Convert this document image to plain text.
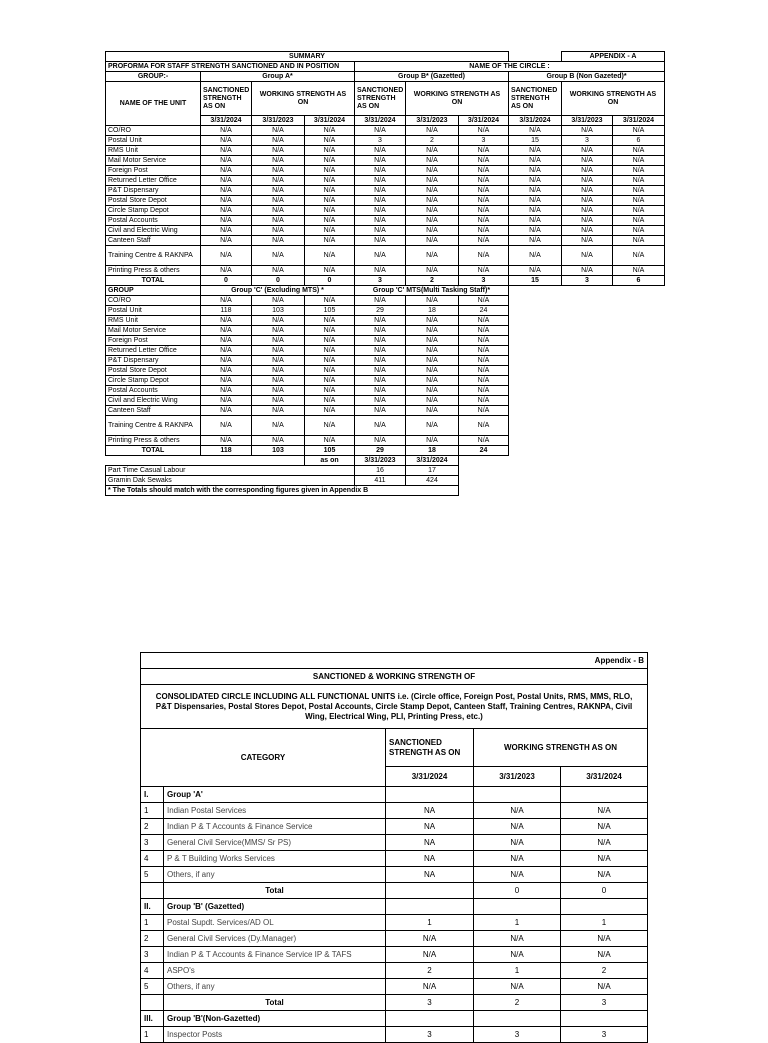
SUMMARY								APPENDIX - A	
PROFORMA FOR STAFF STRENGTH SANCTIONED AND IN POSITION				NAME OF THE CIRCLE :					
GROUP:-	Group A*			Group B* (Gazetted)			Group B (Non Gazeted)*		
NAME OF THE UNIT	SANCTIONED STRENGTH AS ON	WORKING STRENGTH AS ON		SANCTIONED STRENGTH AS ON	WORKING STRENGTH AS ON		SANCTIONED STRENGTH AS ON	WORKING STRENGTH AS ON	
	3/31/2024	3/31/2023	3/31/2024	3/31/2024	3/31/2023	3/31/2024	3/31/2024	3/31/2023	3/31/2024
CO/RO	N/A	N/A	N/A	N/A	N/A	N/A	N/A	N/A	N/A
Postal Unit	N/A	N/A	N/A	3	2	3	15	3	6
RMS Unit	N/A	N/A	N/A	N/A	N/A	N/A	N/A	N/A	N/A
Mail Motor Service	N/A	N/A	N/A	N/A	N/A	N/A	N/A	N/A	N/A
Foreign Post	N/A	N/A	N/A	N/A	N/A	N/A	N/A	N/A	N/A
Returned Letter Office	N/A	N/A	N/A	N/A	N/A	N/A	N/A	N/A	N/A
P&T Dispensary	N/A	N/A	N/A	N/A	N/A	N/A	N/A	N/A	N/A
Postal Store Depot	N/A	N/A	N/A	N/A	N/A	N/A	N/A	N/A	N/A
Circle Stamp Depot	N/A	N/A	N/A	N/A	N/A	N/A	N/A	N/A	N/A
Postal Accounts	N/A	N/A	N/A	N/A	N/A	N/A	N/A	N/A	N/A
Civil and Electric Wing	N/A	N/A	N/A	N/A	N/A	N/A	N/A	N/A	N/A
Canteen Staff	N/A	N/A	N/A	N/A	N/A	N/A	N/A	N/A	N/A
Training Centre & RAKNPA	N/A	N/A	N/A	N/A	N/A	N/A	N/A	N/A	N/A
Printing Press & others	N/A	N/A	N/A	N/A	N/A	N/A	N/A	N/A	N/A
TOTAL	0	0	0	3	2	3	15	3	6
GROUP	Group 'C' (Excluding MTS) *			Group 'C' MTS(Multi Tasking Staff)*					
CO/RO	N/A	N/A	N/A	N/A	N/A	N/A			
Postal Unit	118	103	105	29	18	24			
RMS Unit	N/A	N/A	N/A	N/A	N/A	N/A			
Mail Motor Service	N/A	N/A	N/A	N/A	N/A	N/A			
Foreign Post	N/A	N/A	N/A	N/A	N/A	N/A			
Returned Letter Office	N/A	N/A	N/A	N/A	N/A	N/A			
P&T Dispensary	N/A	N/A	N/A	N/A	N/A	N/A			
Postal Store Depot	N/A	N/A	N/A	N/A	N/A	N/A			
Circle Stamp Depot	N/A	N/A	N/A	N/A	N/A	N/A			
Postal Accounts	N/A	N/A	N/A	N/A	N/A	N/A			
Civil and Electric Wing	N/A	N/A	N/A	N/A	N/A	N/A			
Canteen Staff	N/A	N/A	N/A	N/A	N/A	N/A			
Training Centre & RAKNPA	N/A	N/A	N/A	N/A	N/A	N/A			
Printing Press & others	N/A	N/A	N/A	N/A	N/A	N/A			
TOTAL	118	103	105	29	18	24			
			as on	3/31/2023	3/31/2024				
Part Time Casual Labour				16	17				
Gramin Dak Sewaks				411	424				
* The Totals should match with the corresponding figures given in Appendix B									
Appendix - B				
SANCTIONED & WORKING STRENGTH OF				
CONSOLIDATED CIRCLE INCLUDING ALL FUNCTIONAL UNITS i.e. (Circle office, Foreign Post, Postal Units, RMS, MMS, RLO, P&T Dispensaries, Postal Stores Depot, Postal Accounts, Circle Stamp Depot, Canteen Staff, Training Centres, RAKNPA, Civil Wing, Electrical Wing, PLI, Printing Press, etc.)				
CATEGORY		SANCTIONED STRENGTH AS ON	WORKING STRENGTH AS ON	
		3/31/2024	3/31/2023	3/31/2024
I.	Group 'A'			
1	Indian Postal Services	NA	N/A	N/A
2	Indian P & T Accounts & Finance Service	NA	N/A	N/A
3	General Civil Service(MMS/ Sr PS)	NA	N/A	N/A
4	P & T Building Works Services	NA	N/A	N/A
5	Others, if any	NA	N/A	N/A
	Total		0	0
II.	Group 'B' (Gazetted)			
1	Postal Supdt. Services/AD OL	1	1	1
2	General Civil Services (Dy.Manager)	N/A	N/A	N/A
3	Indian P & T Accounts & Finance Service IP & TAFS	N/A	N/A	N/A
4	ASPO's	2	1	2
5	Others, if any	N/A	N/A	N/A
	Total	3	2	3
III.	Group 'B'(Non-Gazetted)			
1	Inspector Posts	3	3	3
